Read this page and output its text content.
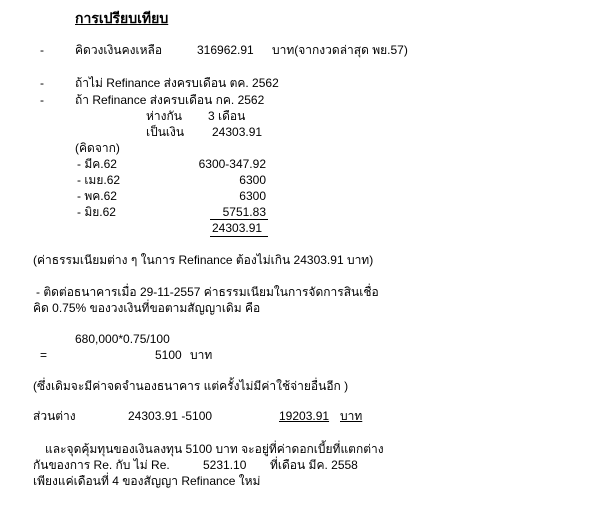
การเปรียบเทียบ
-	คิดวงเงินคงเหลือ	316962.91 บาท(จากงวดล่าสุด พย.57)
-	ถ้าไม่ Refinance ส่งครบเดือน ตค. 2562
-	ถ้า Refinance ส่งครบเดือน กค. 2562
ห่างกัน 3 เดือน
เป็นเงิน 24303.91
(คิดจาก)
- มีค.62	6300-347.92
- เมย.62	6300
- พค.62	6300
- มิย.62	5751.83
24303.91
(ค่าธรรมเนียมต่าง ๆ ในการ Refinance ต้องไม่เกิน 24303.91 บาท)
- ติดต่อธนาคารเมื่อ 29-11-2557 ค่าธรรมเนียมในการจัดการสินเชื่อ
คิด 0.75% ของวงเงินที่ขอตามสัญญาเดิม คือ
680,000*0.75/100
=	5100 บาท
(ซึ่งเดิมจะมีค่าจดจำนองธนาคาร แต่ครั้งไม่มีค่าใช้จ่ายอื่นอีก )
ส่วนต่าง	24303.91 -5100	19203.91 บาท
และจุดคุ้มทุนของเงินลงทุน 5100 บาท จะอยู่ที่ค่าดอกเบี้ยที่แตกต่าง
กันของการ Re. กับ ไม่ Re.	5231.10 ที่เดือน มีค. 2558
เพียงแค่เดือนที่ 4 ของสัญญา Refinance ใหม่
